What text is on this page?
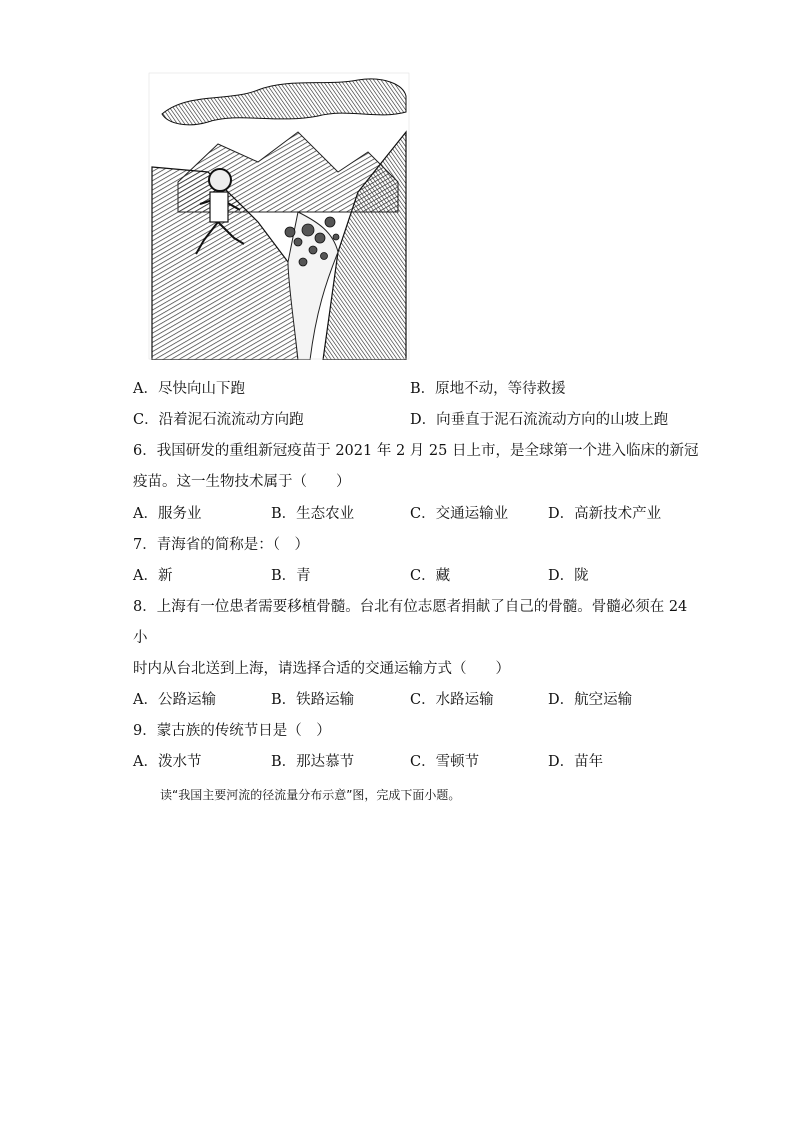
A．尽快向山下跑	B．原地不动，等待救援
C．沿着泥石流流动方向跑	D．向垂直于泥石流流动方向的山坡上跑
6．我国研发的重组新冠疫苗于 2021 年 2 月 25 日上市，是全球第一个进入临床的新冠
疫苗。这一生物技术属于（　　）
A．服务业	B．生态农业	C．交通运输业	D．高新技术产业
7．青海省的简称是：（　）
A．新	B．青	C．藏	D．陇
8．上海有一位患者需要移植骨髓。台北有位志愿者捐献了自己的骨髓。骨髓必须在 24
小
时内从台北送到上海，请选择合适的交通运输方式（　　）
A．公路运输	B．铁路运输	C．水路运输	D．航空运输
9．蒙古族的传统节日是（　）
A．泼水节	B．那达慕节	C．雪顿节	D．苗年
读“我国主要河流的径流量分布示意”图，完成下面小题。
